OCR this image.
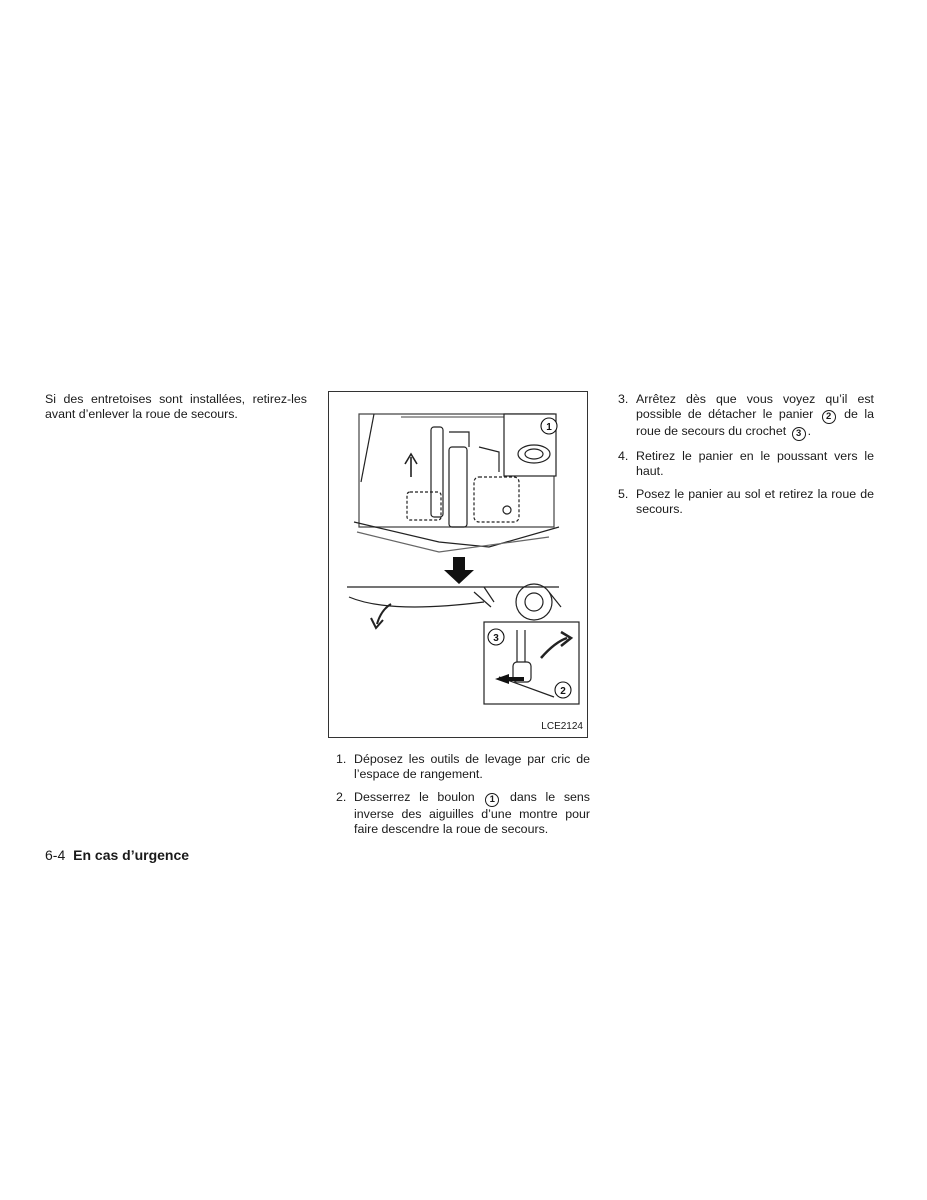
Si des entretoises sont installées, retirez-les avant d’enlever la roue de secours.

1
3
2
LCE2124
1. Déposez les outils de levage par cric de l’espace de rangement.
2. Desserrez le boulon 1 dans le sens inverse des aiguilles d’une montre pour faire descendre la roue de secours.
3. Arrêtez dès que vous voyez qu’il est possible de détacher le panier 2 de la roue de secours du crochet 3 .
4. Retirez le panier en le poussant vers le haut.
5. Posez le panier au sol et retirez la roue de secours.
6-4 En cas d’urgence
